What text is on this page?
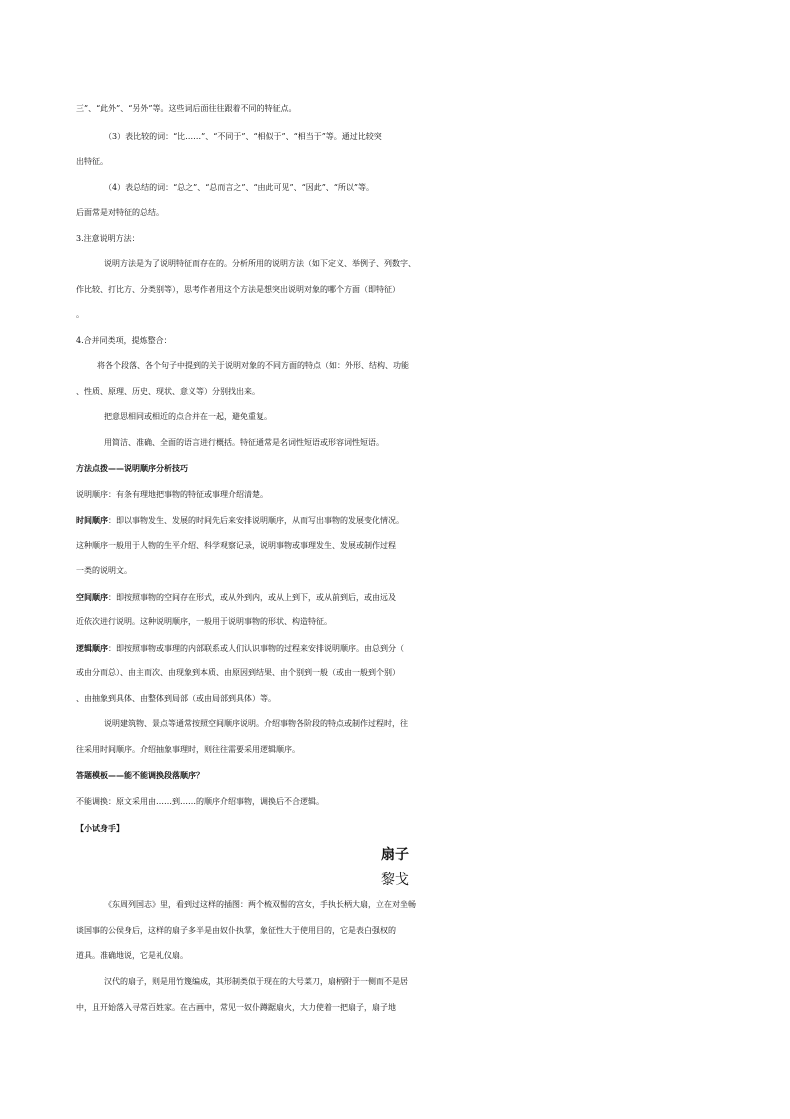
三”、“此外”、“另外”等。这些词后面往往跟着不同的特征点。
（3）表比较的词：“比……”、“不同于”、“相似于”、“相当于”等。通过比较突
出特征。
（4）表总结的词：“总之”、“总而言之”、“由此可见”、“因此”、“所以”等。
后面常是对特征的总结。
3.注意说明方法：
说明方法是为了说明特征而存在的。分析所用的说明方法（如下定义、举例子、列数字、
作比较、打比方、分类别等），思考作者用这个方法是想突出说明对象的哪个方面（即特征）
。
4.合并同类项，提炼整合：
将各个段落、各个句子中提到的关于说明对象的不同方面的特点（如：外形、结构、功能
、性质、原理、历史、现状、意义等）分别找出来。
把意思相同或相近的点合并在一起，避免重复。
用简洁、准确、全面的语言进行概括。特征通常是名词性短语或形容词性短语。
方法点拨——说明顺序分析技巧
说明顺序：有条有理地把事物的特征或事理介绍清楚。
时间顺序：即以事物发生、发展的时间先后来安排说明顺序，从而写出事物的发展变化情况。
这种顺序一般用于人物的生平介绍、科学观察记录，说明事物或事理发生、发展或制作过程
一类的说明文。
空间顺序：即按照事物的空间存在形式，或从外到内，或从上到下，或从前到后，或由远及
近依次进行说明。这种说明顺序，一般用于说明事物的形状、构造特征。
逻辑顺序：即按照事物或事理的内部联系或人们认识事物的过程来安排说明顺序。由总到分（
或由分而总）、由主而次、由现象到本质、由原因到结果、由个别到一般（或由一般到个别）
、由抽象到具体、由整体到局部（或由局部到具体）等。
说明建筑物、景点等通常按照空间顺序说明。介绍事物各阶段的特点或制作过程时，往
往采用时间顺序。介绍抽象事理时，则往往需要采用逻辑顺序。
答题模板——能不能调换段落顺序？
不能调换：原文采用由……到……的顺序介绍事物，调换后不合逻辑。
【小试身手】
扇子
黎戈
《东周列国志》里，看到过这样的插图：两个梳双髻的宫女，手执长柄大扇，立在对坐畅
谈国事的公侯身后，这样的扇子多半是由奴仆执掌，象征性大于使用目的，它是表白强权的
道具。准确地说，它是礼仪扇。
汉代的扇子，则是用竹篾编成，其形制类似于现在的大号菜刀，扇柄附于一侧而不是居
中，且开始落入寻常百姓家。在古画中，常见一奴仆蹲踞扇火，大力使着一把扇子，扇子地
